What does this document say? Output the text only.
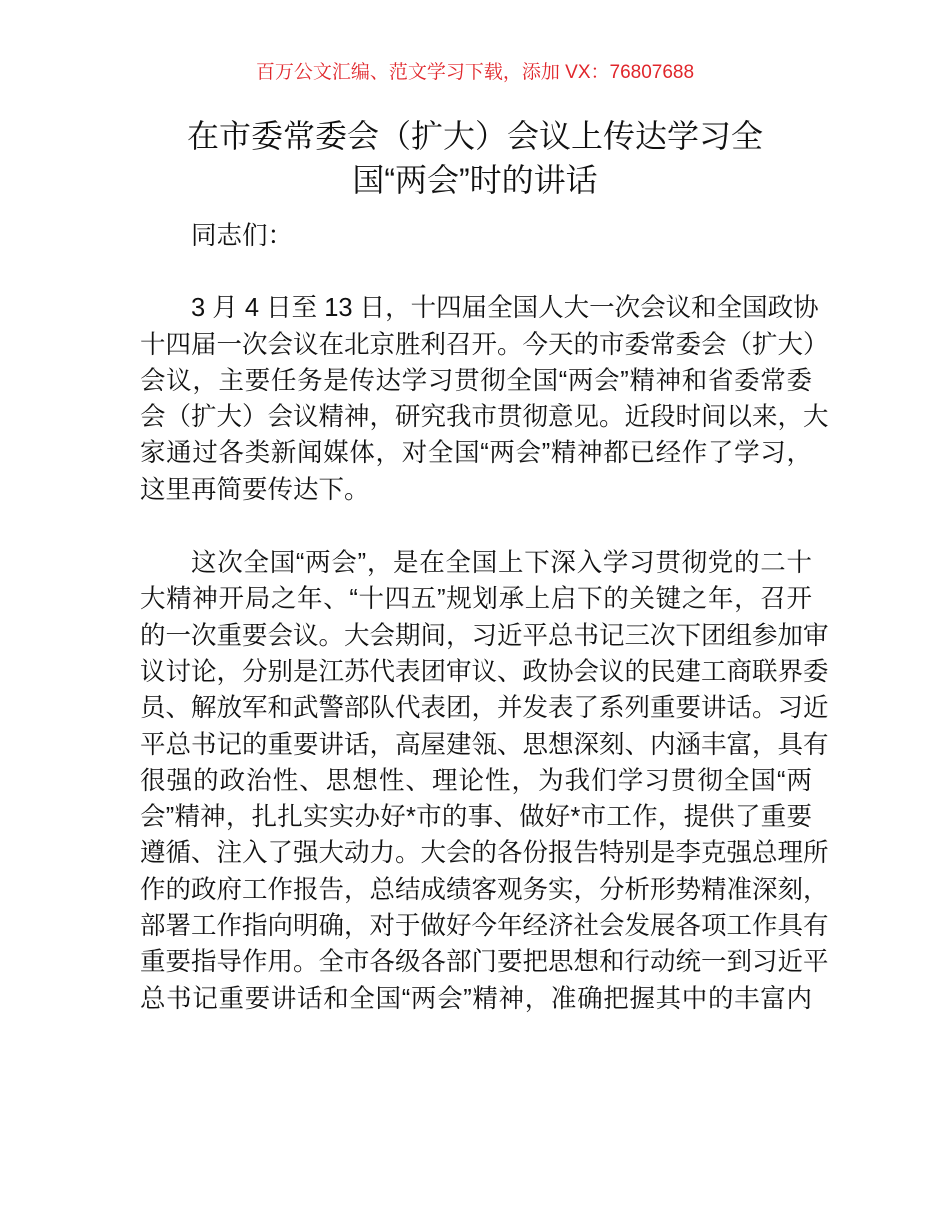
百万公文汇编、范文学习下载，添加 VX：76807688
在市委常委会（扩大）会议上传达学习全
国“两会”时的讲话
同志们：
3 月 4 日至 13 日，十四届全国人大一次会议和全国政协
十四届一次会议在北京胜利召开。今天的市委常委会（扩大）
会议，主要任务是传达学习贯彻全国“两会”精神和省委常委
会（扩大）会议精神，研究我市贯彻意见。近段时间以来，大
家通过各类新闻媒体，对全国“两会”精神都已经作了学习，
这里再简要传达下。
这次全国“两会”，是在全国上下深入学习贯彻党的二十
大精神开局之年、“十四五”规划承上启下的关键之年，召开
的一次重要会议。大会期间，习近平总书记三次下团组参加审
议讨论，分别是江苏代表团审议、政协会议的民建工商联界委
员、解放军和武警部队代表团，并发表了系列重要讲话。习近
平总书记的重要讲话，高屋建瓴、思想深刻、内涵丰富，具有
很强的政治性、思想性、理论性，为我们学习贯彻全国“两
会”精神，扎扎实实办好*市的事、做好*市工作，提供了重要
遵循、注入了强大动力。大会的各份报告特别是李克强总理所
作的政府工作报告，总结成绩客观务实，分析形势精准深刻，
部署工作指向明确，对于做好今年经济社会发展各项工作具有
重要指导作用。全市各级各部门要把思想和行动统一到习近平
总书记重要讲话和全国“两会”精神，准确把握其中的丰富内
